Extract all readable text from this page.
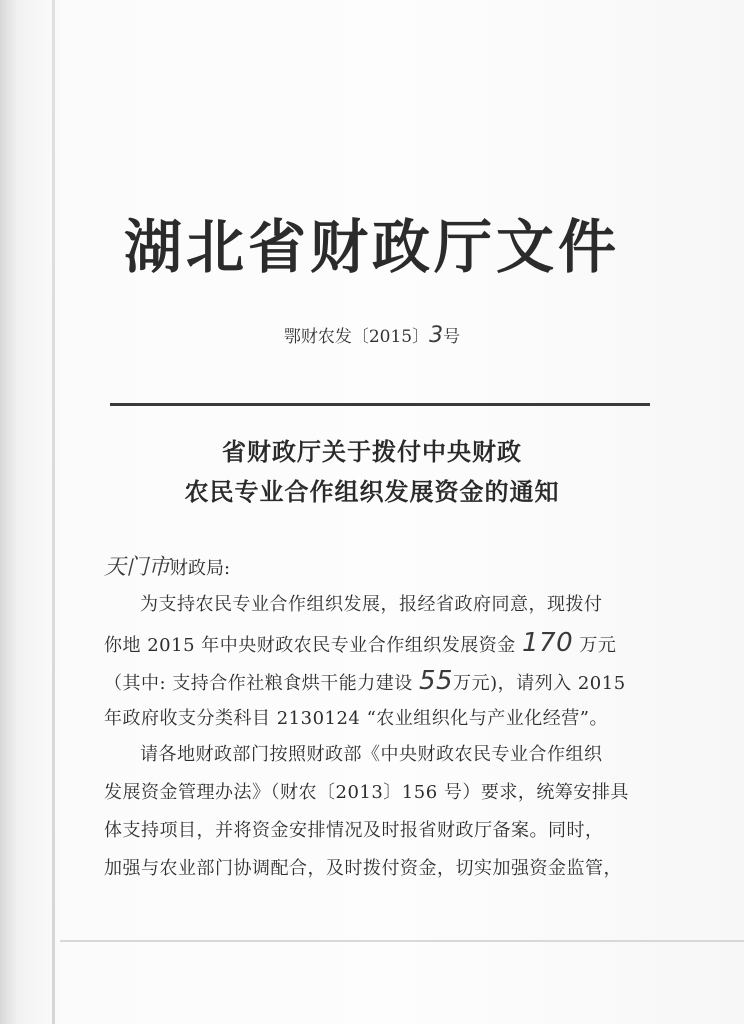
湖北省财政厅文件
鄂财农发〔2015〕3号
省财政厅关于拨付中央财政
农民专业合作组织发展资金的通知
天门市财政局:
为支持农民专业合作组织发展，报经省政府同意，现拨付
你地 2015 年中央财政农民专业合作组织发展资金 170 万元
（其中: 支持合作社粮食烘干能力建设 55万元)，请列入 2015
年政府收支分类科目 2130124 “农业组织化与产业化经营”。
请各地财政部门按照财政部《中央财政农民专业合作组织
发展资金管理办法》（财农〔2013〕156 号）要求，统筹安排具
体支持项目，并将资金安排情况及时报省财政厅备案。同时，
加强与农业部门协调配合，及时拨付资金，切实加强资金监管，
